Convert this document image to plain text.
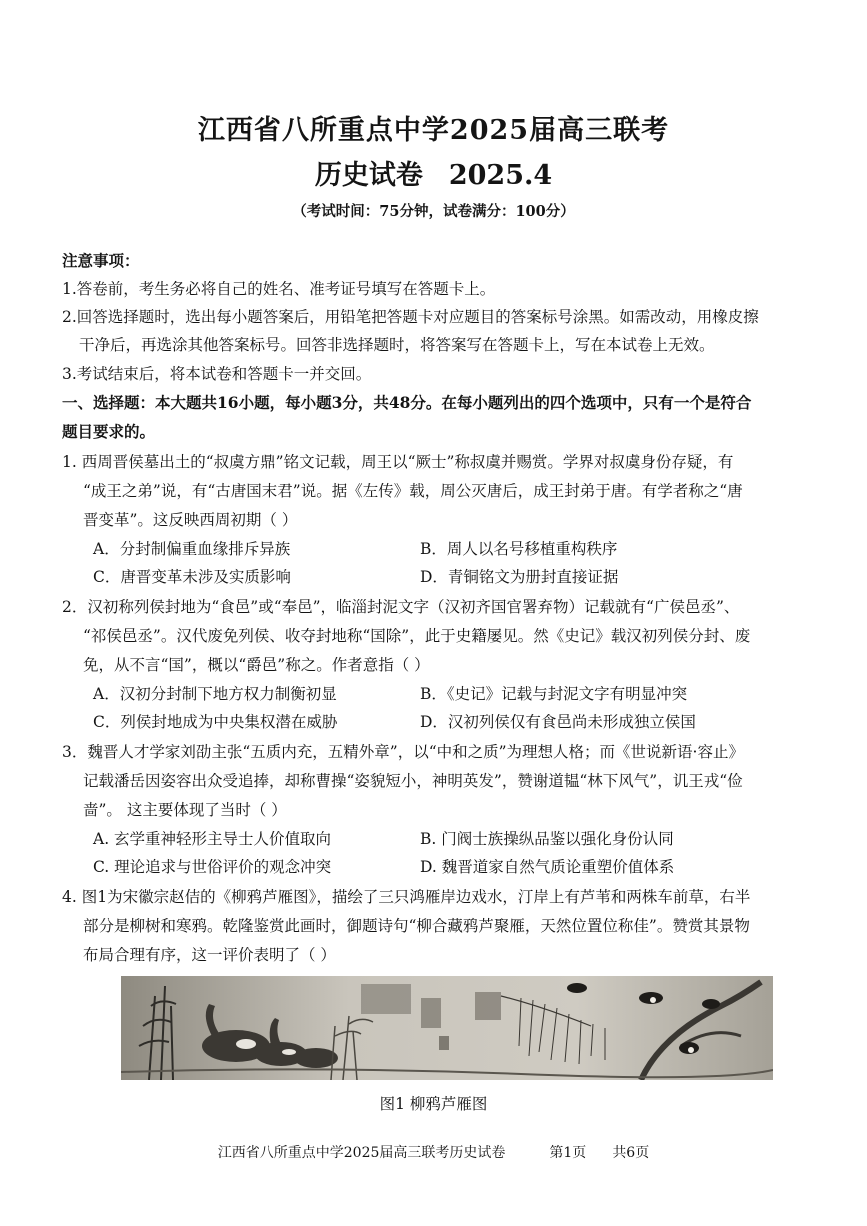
江西省八所重点中学2025届高三联考
历史试卷 2025.4
（考试时间：75分钟，试卷满分：100分）
注意事项：
1.答卷前，考生务必将自己的姓名、准考证号填写在答题卡上。
2.回答选择题时，选出每小题答案后，用铅笔把答题卡对应题目的答案标号涂黑。如需改动，用橡皮擦
干净后，再选涂其他答案标号。回答非选择题时，将答案写在答题卡上，写在本试卷上无效。
3.考试结束后，将本试卷和答题卡一并交回。
一、选择题：本大题共16小题，每小题3分，共48分。在每小题列出的四个选项中，只有一个是符合
题目要求的。
1. 西周晋侯墓出土的“叔虞方鼎”铭文记载，周王以“厥士”称叔虞并赐赏。学界对叔虞身份存疑，有
“成王之弟”说，有“古唐国末君”说。据《左传》载，周公灭唐后，成王封弟于唐。有学者称之“唐
晋变革”。这反映西周初期（ ）
A．分封制偏重血缘排斥异族	B．周人以名号移植重构秩序
C．唐晋变革未涉及实质影响	D．青铜铭文为册封直接证据
2．汉初称列侯封地为“食邑”或“奉邑”，临淄封泥文字（汉初齐国官署弃物）记载就有“广侯邑丞”、
“祁侯邑丞”。汉代废免列侯、收夺封地称“国除”，此于史籍屡见。然《史记》载汉初列侯分封、废
免，从不言“国”，概以“爵邑”称之。作者意指（ ）
A．汉初分封制下地方权力制衡初显	B．《史记》记载与封泥文字有明显冲突
C．列侯封地成为中央集权潜在威胁	D．汉初列侯仅有食邑尚未形成独立侯国
3．魏晋人才学家刘劭主张“五质内充，五精外章”，以“中和之质”为理想人格；而《世说新语·容止》
记载潘岳因姿容出众受追捧，却称曹操“姿貌短小，神明英发”，赞谢道韫“林下风气”，讥王戎“俭
啬”。 这主要体现了当时（ ）
A. 玄学重神轻形主导士人价值取向	B. 门阀士族操纵品鉴以强化身份认同
C. 理论追求与世俗评价的观念冲突	D. 魏晋道家自然气质论重塑价值体系
4. 图1为宋徽宗赵佶的《柳鸦芦雁图》，描绘了三只鸿雁岸边戏水，汀岸上有芦苇和两株车前草，右半
部分是柳树和寒鸦。乾隆鉴赏此画时，御题诗句“柳合藏鸦芦聚雁，天然位置位称佳”。赞赏其景物
布局合理有序，这一评价表明了（ ）
图1 柳鸦芦雁图
江西省八所重点中学2025届高三联考历史试卷	第1页 共6页
